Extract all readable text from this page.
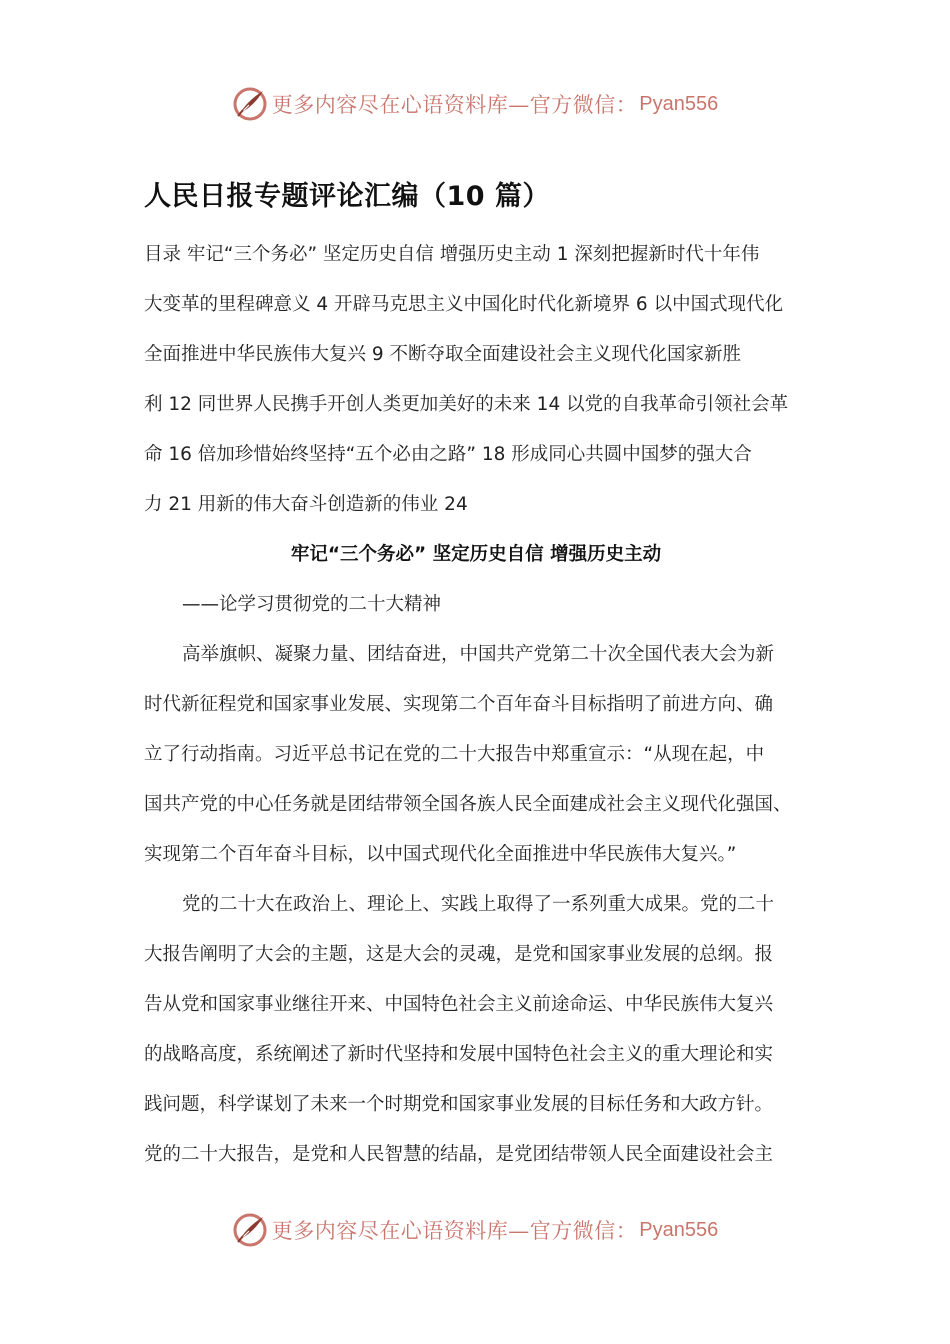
更多内容尽在心语资料库—官方微信： Pyan556
人民日报专题评论汇编（10 篇）
目录 牢记“三个务必” 坚定历史自信 增强历史主动 1 深刻把握新时代十年伟
大变革的里程碑意义 4 开辟马克思主义中国化时代化新境界 6 以中国式现代化
全面推进中华民族伟大复兴 9 不断夺取全面建设社会主义现代化国家新胜
利 12 同世界人民携手开创人类更加美好的未来 14 以党的自我革命引领社会革
命 16 倍加珍惜始终坚持“五个必由之路” 18 形成同心共圆中国梦的强大合
力 21 用新的伟大奋斗创造新的伟业 24
牢记“三个务必” 坚定历史自信 增强历史主动
——论学习贯彻党的二十大精神
高举旗帜、凝聚力量、团结奋进，中国共产党第二十次全国代表大会为新
时代新征程党和国家事业发展、实现第二个百年奋斗目标指明了前进方向、确
立了行动指南。习近平总书记在党的二十大报告中郑重宣示：“从现在起，中
国共产党的中心任务就是团结带领全国各族人民全面建成社会主义现代化强国、
实现第二个百年奋斗目标，以中国式现代化全面推进中华民族伟大复兴。”
党的二十大在政治上、理论上、实践上取得了一系列重大成果。党的二十
大报告阐明了大会的主题，这是大会的灵魂，是党和国家事业发展的总纲。报
告从党和国家事业继往开来、中国特色社会主义前途命运、中华民族伟大复兴
的战略高度，系统阐述了新时代坚持和发展中国特色社会主义的重大理论和实
践问题，科学谋划了未来一个时期党和国家事业发展的目标任务和大政方针。
党的二十大报告，是党和人民智慧的结晶，是党团结带领人民全面建设社会主
更多内容尽在心语资料库—官方微信： Pyan556
